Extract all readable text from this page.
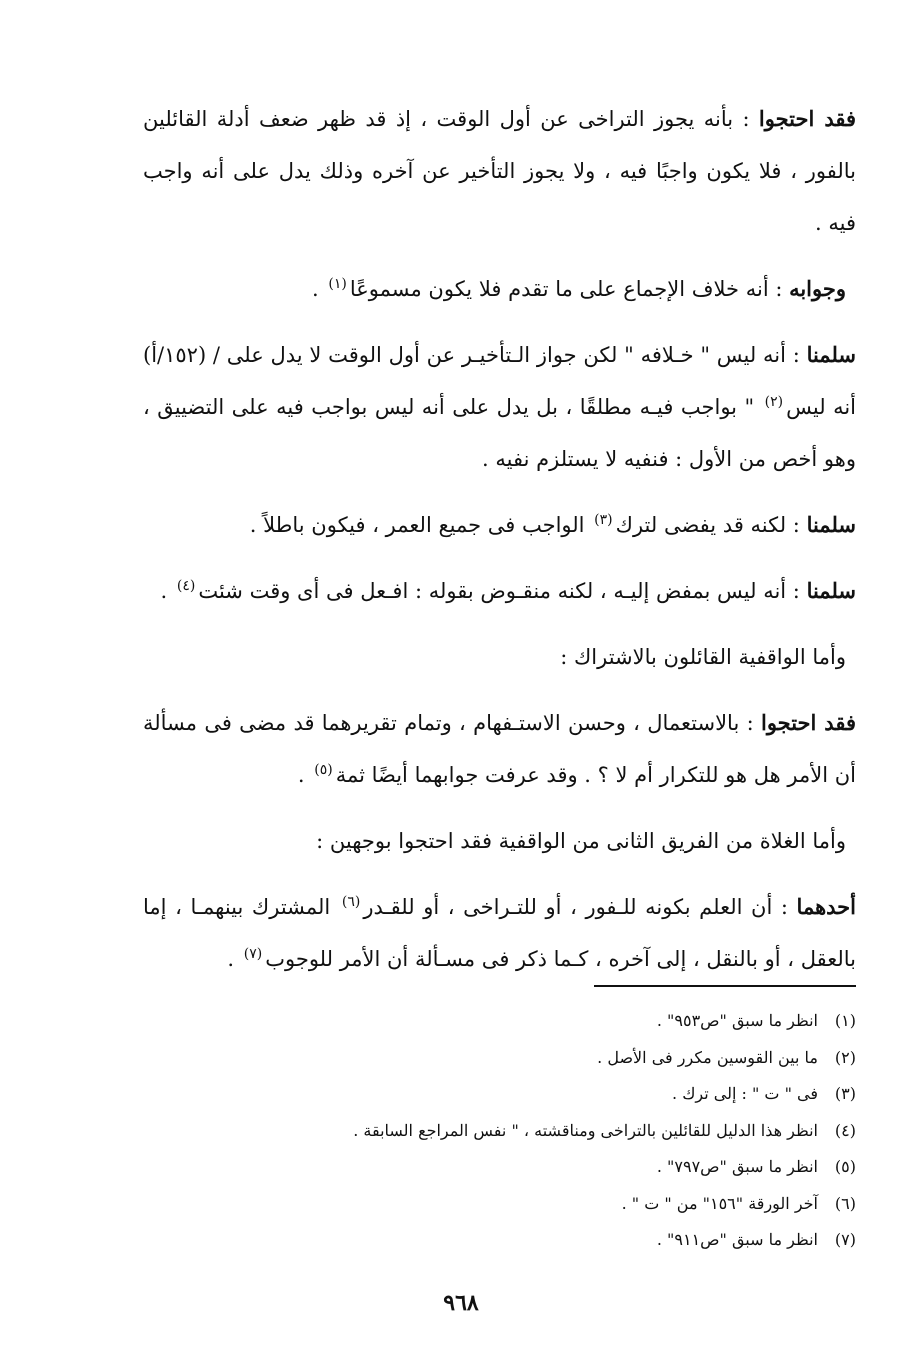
فقد احتجوا : بأنه يجوز التراخى عن أول الوقت ، إذ قد ظهر ضعف أدلة القائلين بالفور ، فلا يكون واجبًا فيه ، ولا يجوز التأخير عن آخره وذلك يدل على أنه واجب فيه .

وجوابه : أنه خلاف الإجماع على ما تقدم فلا يكون مسموعًا$^{(١)}$ .

سلمنا : أنه ليس " خـلافه " لكن جواز الـتأخيـر عن أول الوقت لا يدل على / (١٥٢/أ) أنه ليس$^{(٢)}$ " بواجب فيـه مطلقًا ، بل يدل على أنه ليس بواجب فيه على التضييق ، وهو أخص من الأول : فنفيه لا يستلزم نفيه .

سلمنا : لكنه قد يفضى لترك$^{(٣)}$ الواجب فى جميع العمر ، فيكون باطلاً .

سلمنا : أنه ليس بمفض إليـه ، لكنه منقـوض بقوله : افـعل فى أى وقت شئت$^{(٤)}$ .

وأما الواقفية القائلون بالاشتراك :

فقد احتجوا : بالاستعمال ، وحسن الاستـفهام ، وتمام تقريرهما قد مضى فى مسألة أن الأمر هل هو للتكرار أم لا ؟ . وقد عرفت جوابهما أيضًا ثمة$^{(٥)}$ .

وأما الغلاة من الفريق الثانى من الواقفية فقد احتجوا بوجهين :

أحدهما : أن العلم بكونه للـفور ، أو للتـراخى ، أو للقـدر$^{(٦)}$ المشترك بينهمـا ، إما بالعقل ، أو بالنقل ، إلى آخره ، كـما ذكر فى مسـألة أن الأمر للوجوب$^{(٧)}$ .

(١)انظر ما سبق "ص٩٥٣" .
(٢)ما بين القوسين مكرر فى الأصل .
(٣)فى " ت " : إلى ترك .
(٤)انظر هذا الدليل للقائلين بالتراخى ومناقشته ، " نفس المراجع السابقة .
(٥)انظر ما سبق "ص٧٩٧" .
(٦)آخر الورقة "١٥٦" من " ت " .
(٧)انظر ما سبق "ص٩١١" .
٩٦٨
